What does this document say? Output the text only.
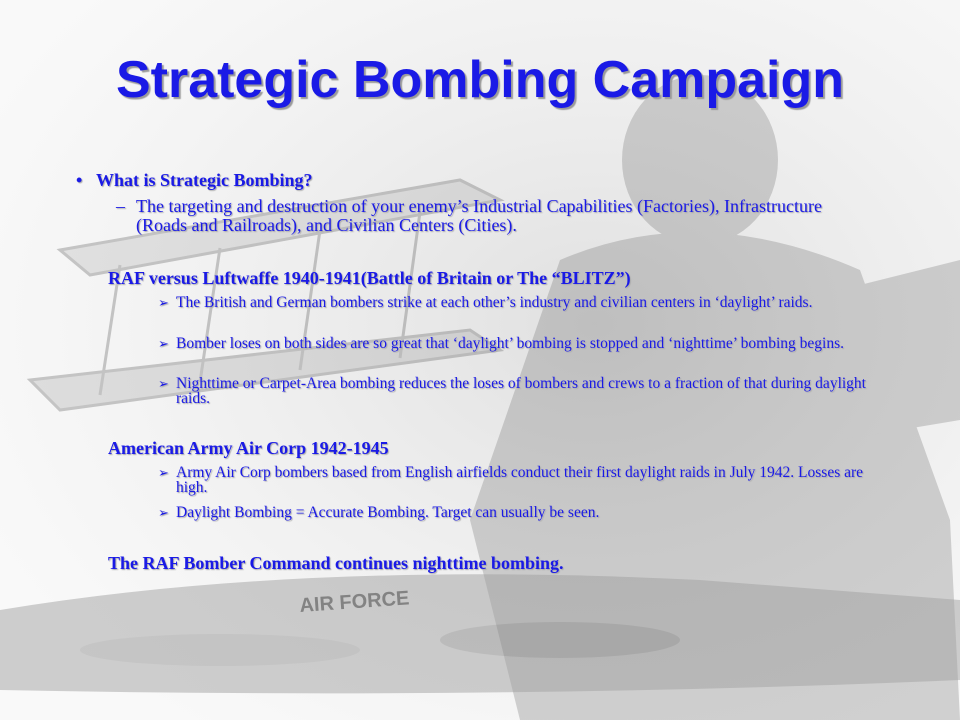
AIR FORCE
Strategic Bombing Campaign
• What is Strategic Bombing?
– The targeting and destruction of your enemy’s Industrial Capabilities (Factories), Infrastructure (Roads and Railroads), and Civilian Centers (Cities).
RAF versus Luftwaffe 1940-1941(Battle of Britain or The “BLITZ”)
➢ The British and German bombers strike at each other’s industry and civilian centers in ‘daylight’ raids.
➢ Bomber loses on both sides are so great that ‘daylight’ bombing is stopped and ‘nighttime’ bombing begins.
➢ Nighttime or Carpet-Area bombing reduces the loses of bombers and crews to a fraction of that during daylight raids.
American Army Air Corp 1942-1945
➢ Army Air Corp bombers based from English airfields conduct their first daylight raids in July 1942. Losses are high.
➢ Daylight Bombing = Accurate Bombing. Target can usually be seen.
The RAF Bomber Command continues nighttime bombing.
